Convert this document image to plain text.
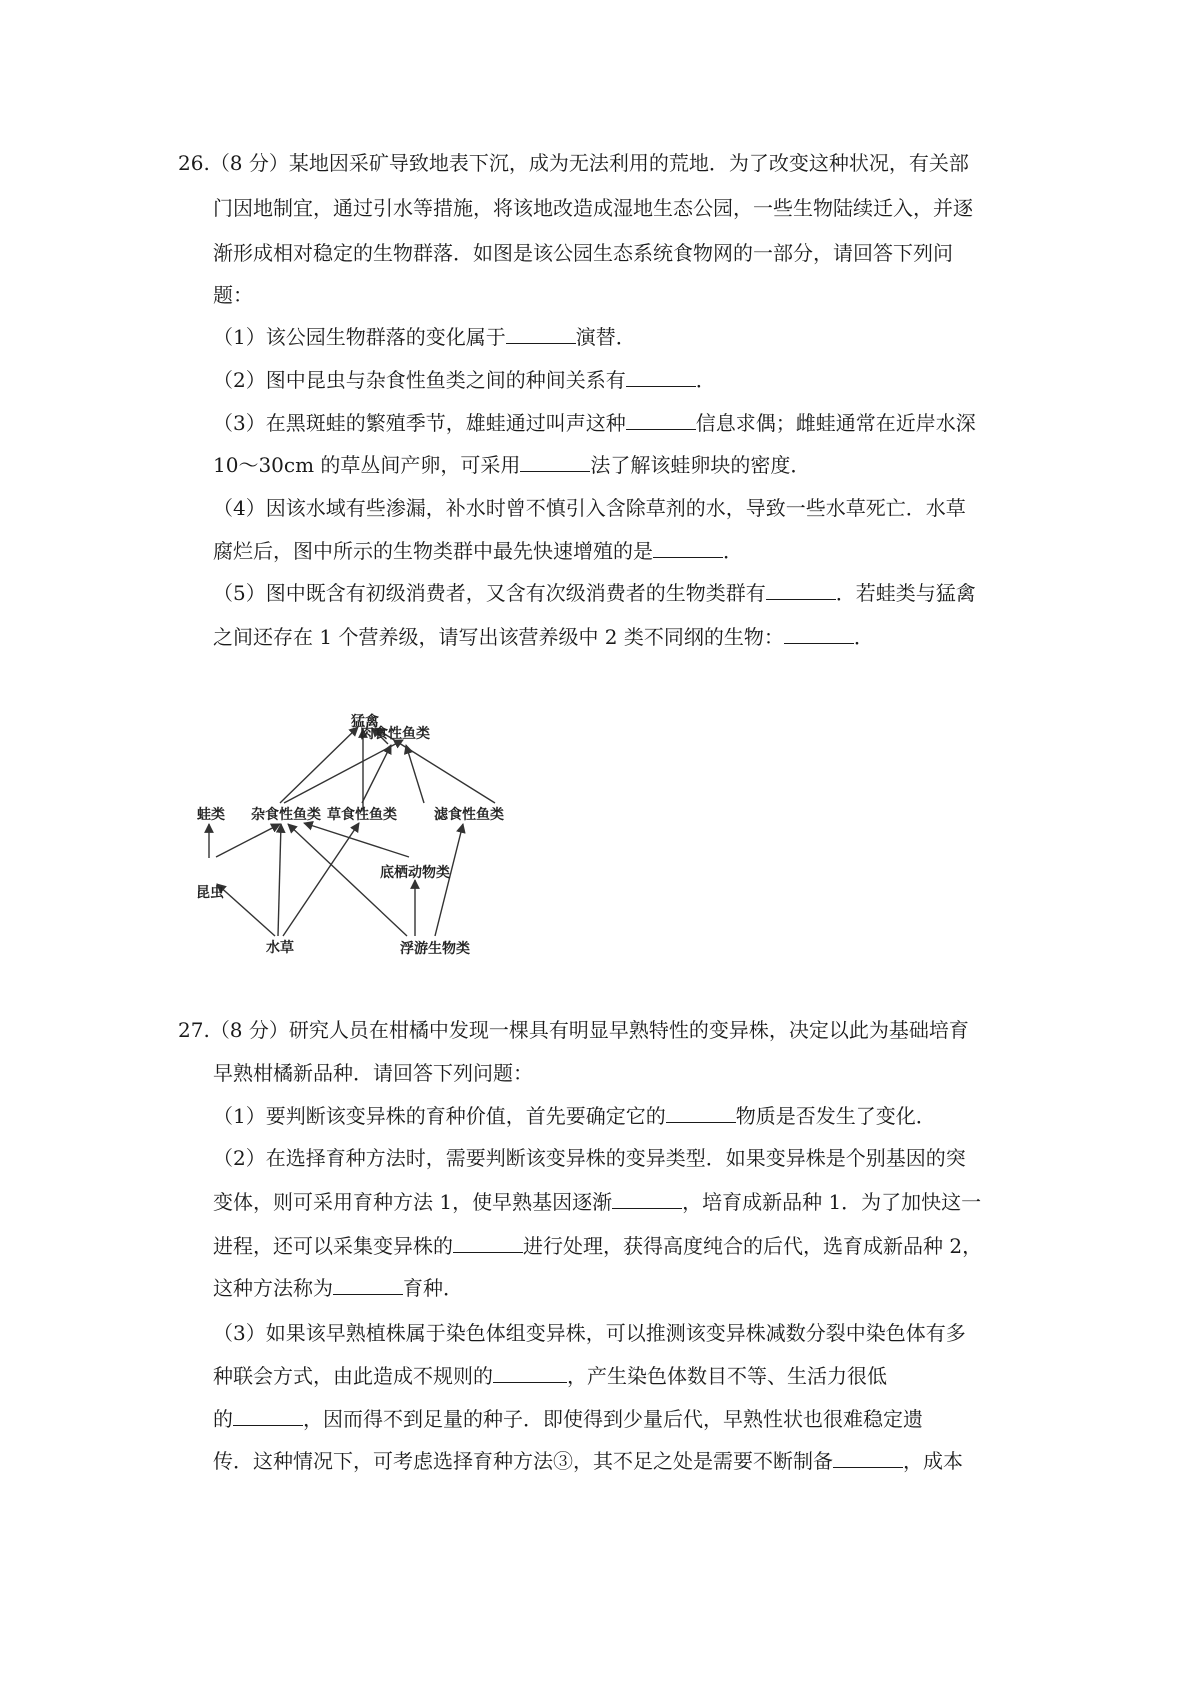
26.（8 分）某地因采矿导致地表下沉，成为无法利用的荒地．为了改变这种状况，有关部
门因地制宜，通过引水等措施，将该地改造成湿地生态公园，一些生物陆续迁入，并逐
渐形成相对稳定的生物群落．如图是该公园生态系统食物网的一部分，请回答下列问
题：
（1）该公园生物群落的变化属于	演替．
（2）图中昆虫与杂食性鱼类之间的种间关系有	．
（3）在黑斑蛙的繁殖季节，雄蛙通过叫声这种	信息求偶；雌蛙通常在近岸水深
10～30cm 的草丛间产卵，可采用	法了解该蛙卵块的密度．
（4）因该水域有些渗漏，补水时曾不慎引入含除草剂的水，导致一些水草死亡．水草
腐烂后，图中所示的生物类群中最先快速增殖的是	．
（5）图中既含有初级消费者，又含有次级消费者的生物类群有	．若蛙类与猛禽
之间还存在 1 个营养级，请写出该营养级中 2 类不同纲的生物：	．
猛禽
肉食性鱼类
蛙类 杂食性鱼类 草食性鱼类	滤食性鱼类
底栖动物类
昆虫
水草	浮游生物类
27.（8 分）研究人员在柑橘中发现一棵具有明显早熟特性的变异株，决定以此为基础培育
早熟柑橘新品种．请回答下列问题：
（1）要判断该变异株的育种价值，首先要确定它的	物质是否发生了变化．
（2）在选择育种方法时，需要判断该变异株的变异类型．如果变异株是个别基因的突
变体，则可采用育种方法 1，使早熟基因逐渐	，培育成新品种 1．为了加快这一
进程，还可以采集变异株的	进行处理，获得高度纯合的后代，选育成新品种 2，
这种方法称为	育种．
（3）如果该早熟植株属于染色体组变异株，可以推测该变异株减数分裂中染色体有多
种联会方式，由此造成不规则的	，产生染色体数目不等、生活力很低
的	，因而得不到足量的种子．即使得到少量后代，早熟性状也很难稳定遗
传．这种情况下，可考虑选择育种方法③，其不足之处是需要不断制备	，成本
